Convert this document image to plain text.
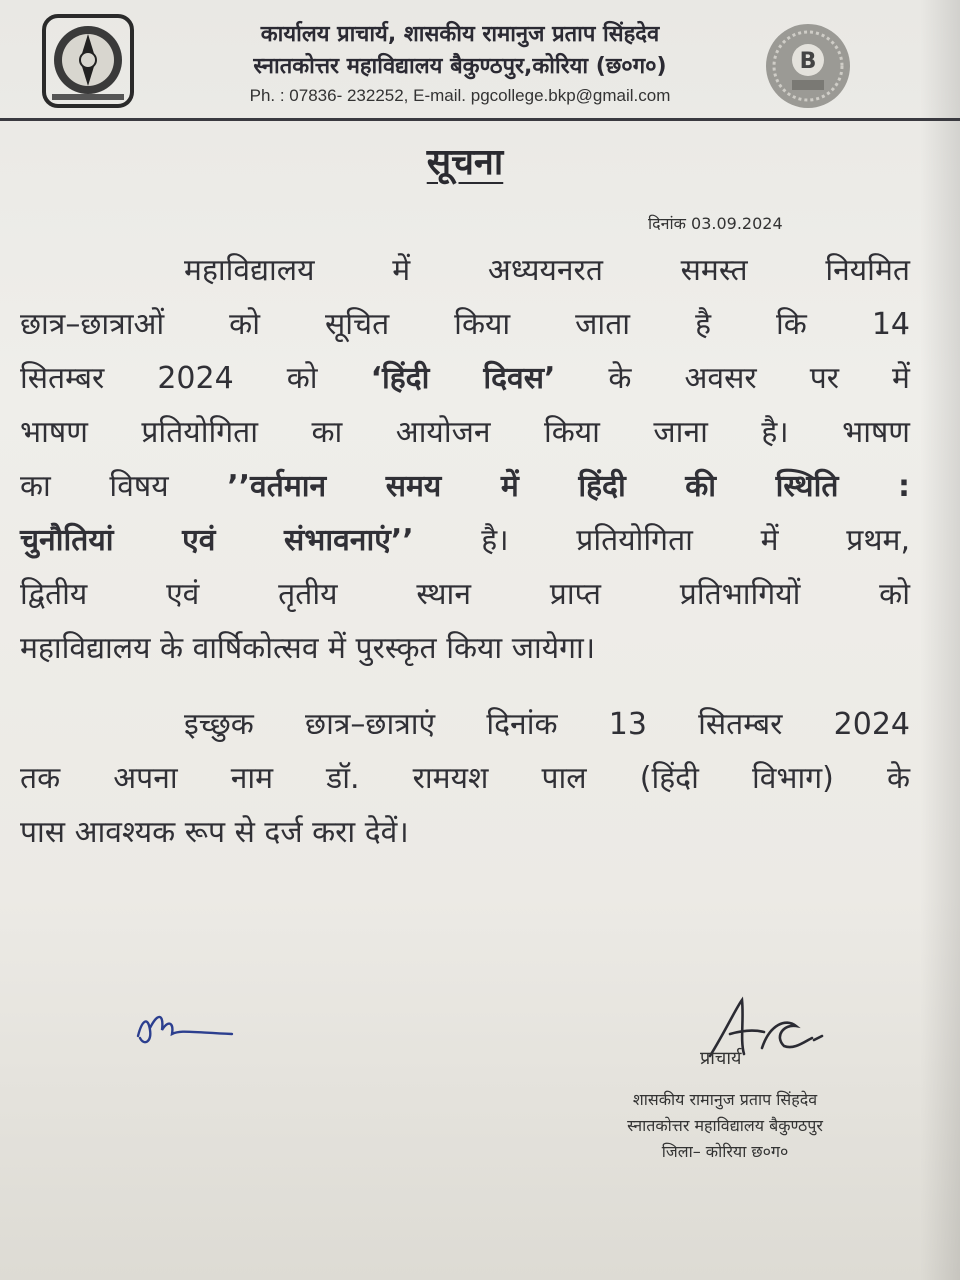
कार्यालय प्राचार्य, शासकीय रामानुज प्रताप सिंहदेव
स्नातकोत्तर महाविद्यालय बैकुण्ठपुर,कोरिया (छ०ग०)
Ph. : 07836- 232252, E-mail. pgcollege.bkp@gmail.com
B
सूचना
दिनांक 03.09.2024
महाविद्यालय में अध्ययनरत समस्त नियमित
छात्र–छात्राओं को सूचित किया जाता है कि 14
सितम्बर 2024 को ‘हिंदी दिवस’ के अवसर पर में
भाषण प्रतियोगिता का आयोजन किया जाना है। भाषण
का विषय ’’वर्तमान समय में हिंदी की स्थिति :
चुनौतियां एवं संभावनाएं’’ है। प्रतियोगिता में प्रथम,
द्वितीय एवं तृतीय स्थान प्राप्त प्रतिभागियों को
महाविद्यालय के वार्षिकोत्सव में पुरस्कृत किया जायेगा।
इच्छुक छात्र–छात्राएं दिनांक 13 सितम्बर 2024
तक अपना नाम डॉ. रामयश पाल (हिंदी विभाग) के
पास आवश्यक रूप से दर्ज करा देवें।
प्राचार्य
शासकीय रामानुज प्रताप सिंहदेव
स्नातकोत्तर महाविद्यालय बैकुण्ठपुर
जिला– कोरिया छ०ग०
